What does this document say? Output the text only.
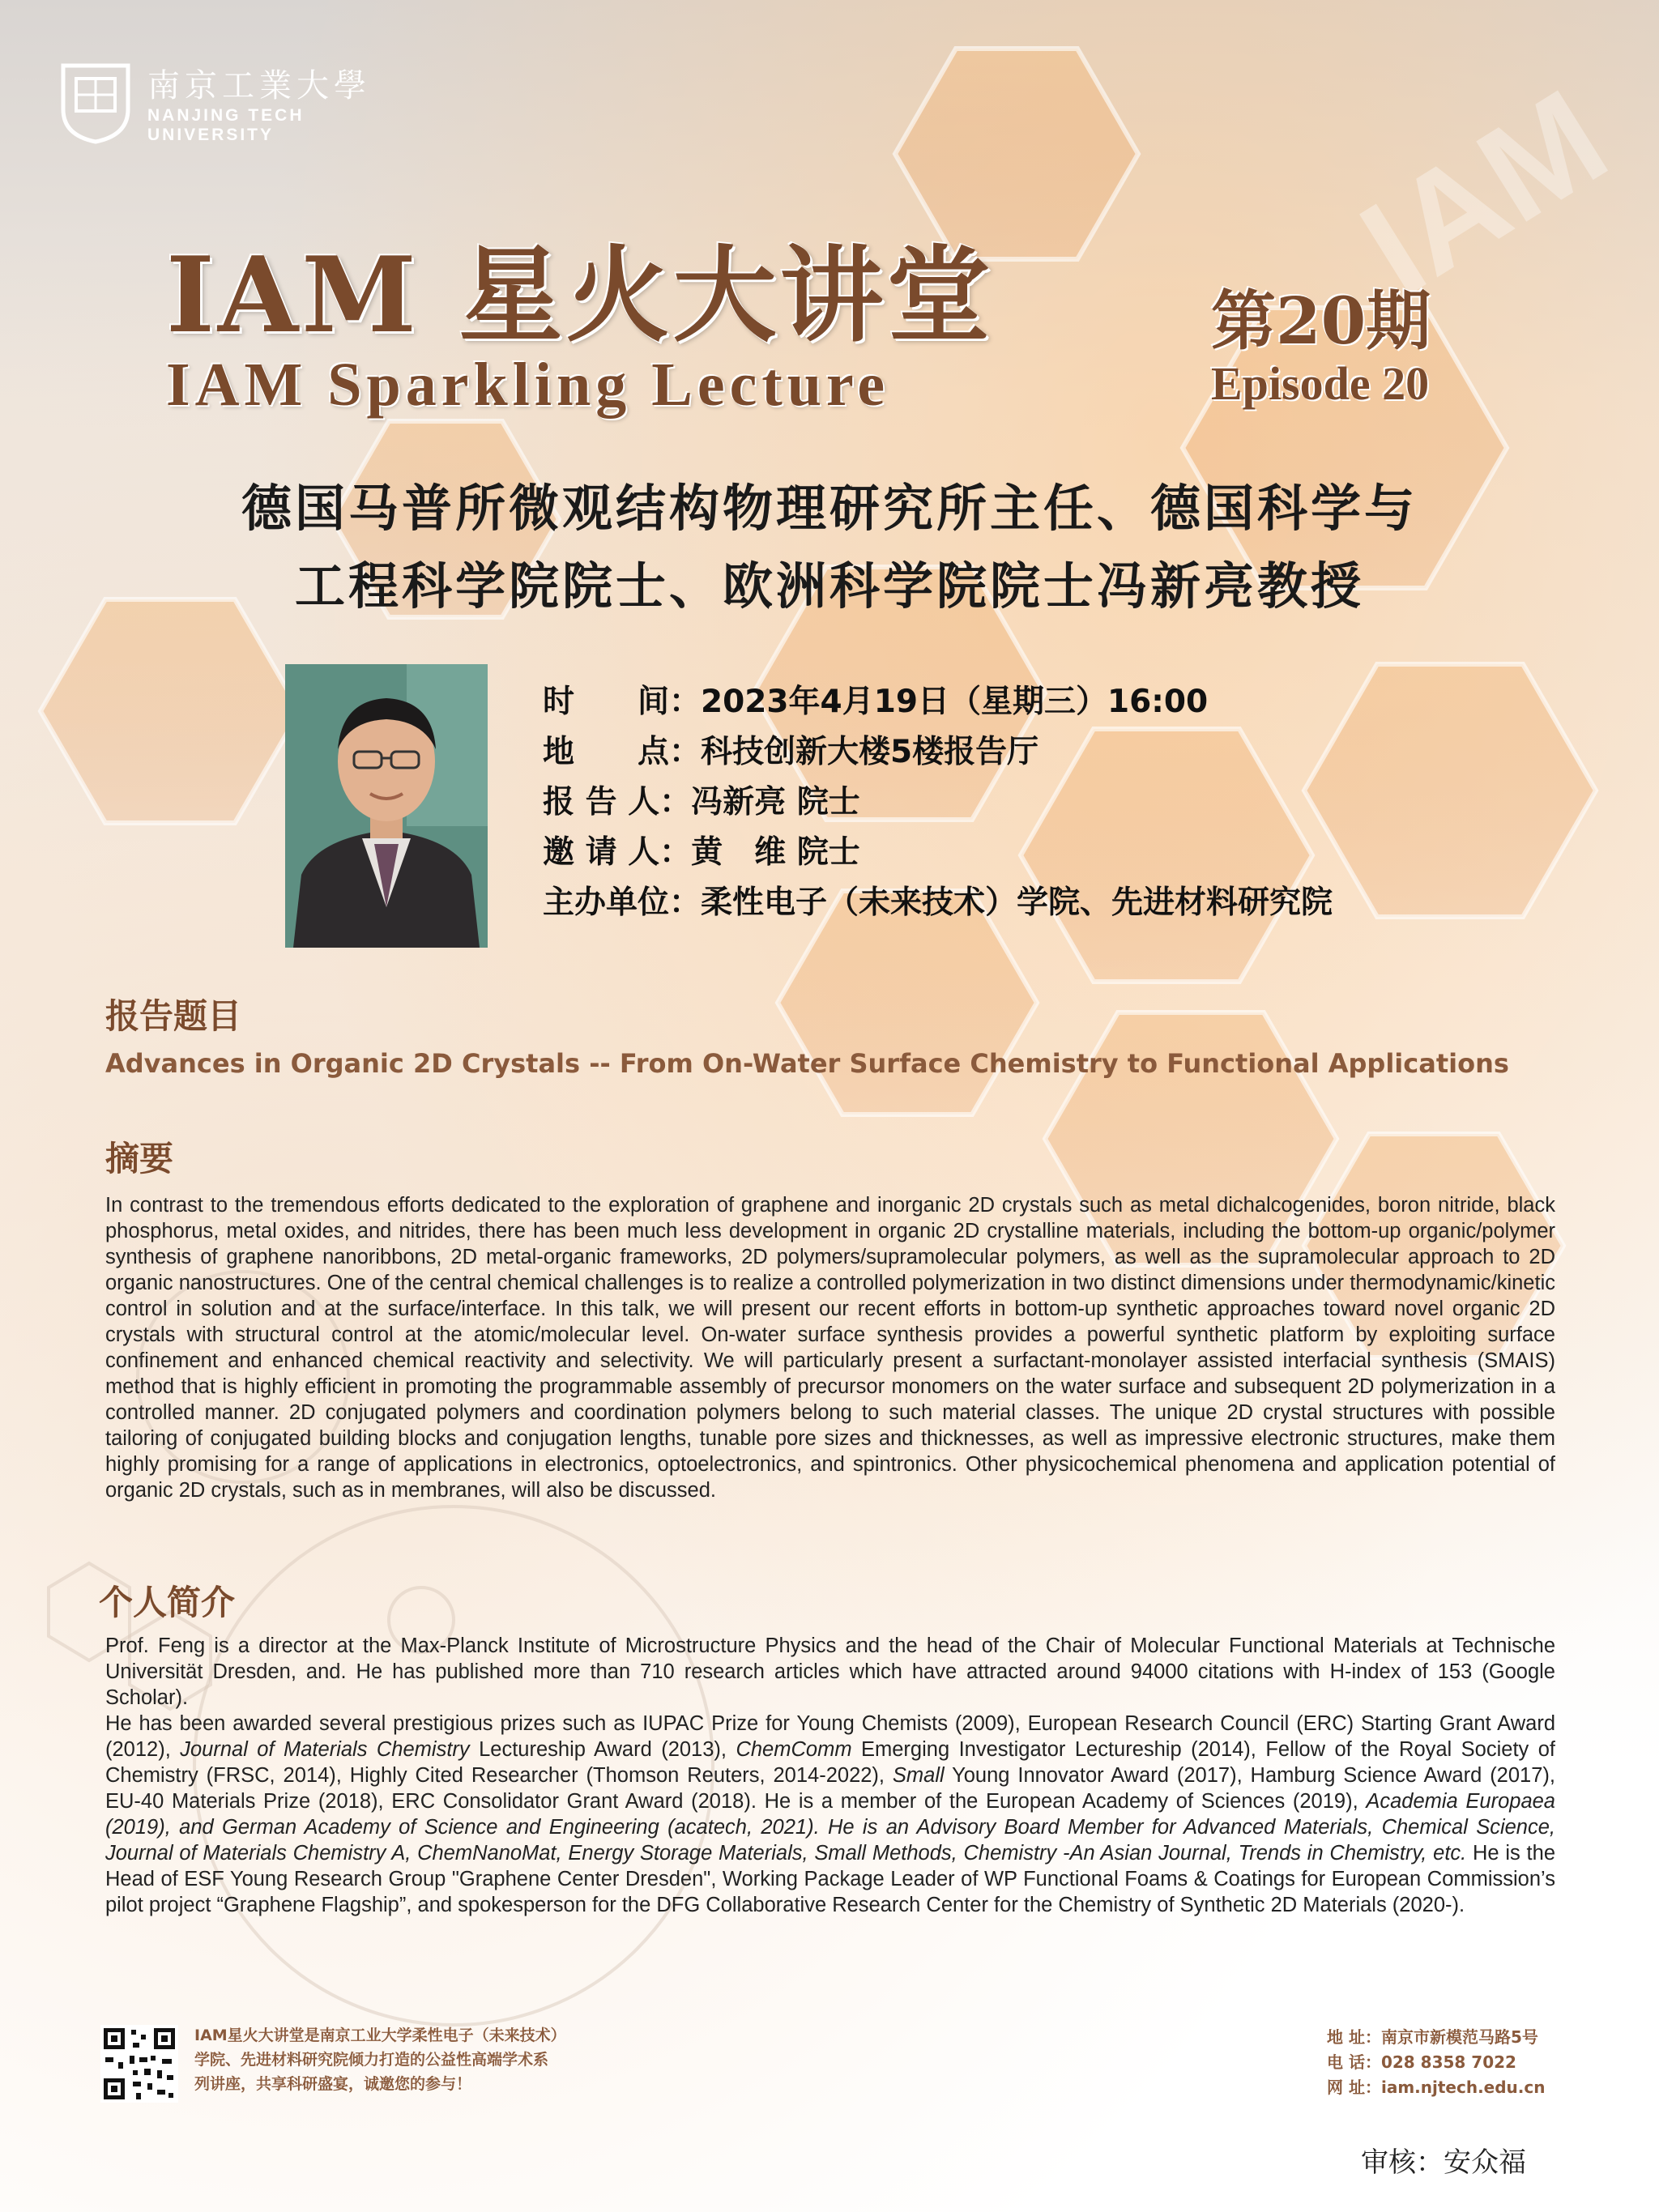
南京工業大學
NANJING TECH
UNIVERSITY	IAM
IAM 星火大讲堂
IAM Sparkling Lecture
第20期
Episode 20
德国马普所微观结构物理研究所主任、德国科学与
工程科学院院士、欧洲科学院院士冯新亮教授
时　　间： 2023年4月19日（星期三）16:00
地　　点： 科技创新大楼5楼报告厅
报 告 人： 冯新亮 院士
邀 请 人： 黄　维 院士
主办单位： 柔性电子（未来技术）学院、先进材料研究院
报告题目
Advances in Organic 2D Crystals -- From On-Water Surface Chemistry to Functional Applications
摘要
In contrast to the tremendous efforts dedicated to the exploration of graphene and inorganic 2D crystals such as metal dichalcogenides, boron nitride, black phosphorus, metal oxides, and nitrides, there has been much less development in organic 2D crystalline materials, including the bottom-up organic/polymer synthesis of graphene nanoribbons, 2D metal-organic frameworks, 2D polymers/supramolecular polymers, as well as the supramolecular approach to 2D organic nanostructures. One of the central chemical challenges is to realize a controlled polymerization in two distinct dimensions under thermodynamic/kinetic control in solution and at the surface/interface. In this talk, we will present our recent efforts in bottom-up synthetic approaches toward novel organic 2D crystals with structural control at the atomic/molecular level. On-water surface synthesis provides a powerful synthetic platform by exploiting surface confinement and enhanced chemical reactivity and selectivity. We will particularly present a surfactant-monolayer assisted interfacial synthesis (SMAIS) method that is highly efficient in promoting the programmable assembly of precursor monomers on the water surface and subsequent 2D polymerization in a controlled manner. 2D conjugated polymers and coordination polymers belong to such material classes. The unique 2D crystal structures with possible tailoring of conjugated building blocks and conjugation lengths, tunable pore sizes and thicknesses, as well as impressive electronic structures, make them highly promising for a range of applications in electronics, optoelectronics, and spintronics. Other physicochemical phenomena and application potential of organic 2D crystals, such as in membranes, will also be discussed.
个人简介

Prof. Feng is a director at the Max-Planck Institute of Microstructure Physics and the head of the Chair of Molecular Functional Materials at Technische Universität Dresden, and. He has published more than 710 research articles which have attracted around 94000 citations with H-index of 153 (Google Scholar).

He has been awarded several prestigious prizes such as IUPAC Prize for Young Chemists (2009), European Research Council (ERC) Starting Grant Award (2012), Journal of Materials Chemistry Lectureship Award (2013), ChemComm Emerging Investigator Lectureship (2014), Fellow of the Royal Society of Chemistry (FRSC, 2014), Highly Cited Researcher (Thomson Reuters, 2014-2022), Small Young Innovator Award (2017), Hamburg Science Award (2017), EU-40 Materials Prize (2018), ERC Consolidator Grant Award (2018). He is a member of the European Academy of Sciences (2019), Academia Europaea (2019), and German Academy of Science and Engineering (acatech, 2021). He is an Advisory Board Member for Advanced Materials, Chemical Science, Journal of Materials Chemistry A, ChemNanoMat, Energy Storage Materials, Small Methods, Chemistry -An Asian Journal, Trends in Chemistry, etc. He is the Head of ESF Young Research Group "Graphene Center Dresden", Working Package Leader of WP Functional Foams & Coatings for European Commission’s pilot project “Graphene Flagship”, and spokesperson for the DFG Collaborative Research Center for the Chemistry of Synthetic 2D Materials (2020-).

IAM星火大讲堂是南京工业大学柔性电子（未来技术）
学院、先进材料研究院倾力打造的公益性高端学术系
列讲座，共享科研盛宴，诚邀您的参与！
地 址：南京市新模范马路5号
电 话：028 8358 7022
网 址：iam.njtech.edu.cn
审核：安众福
